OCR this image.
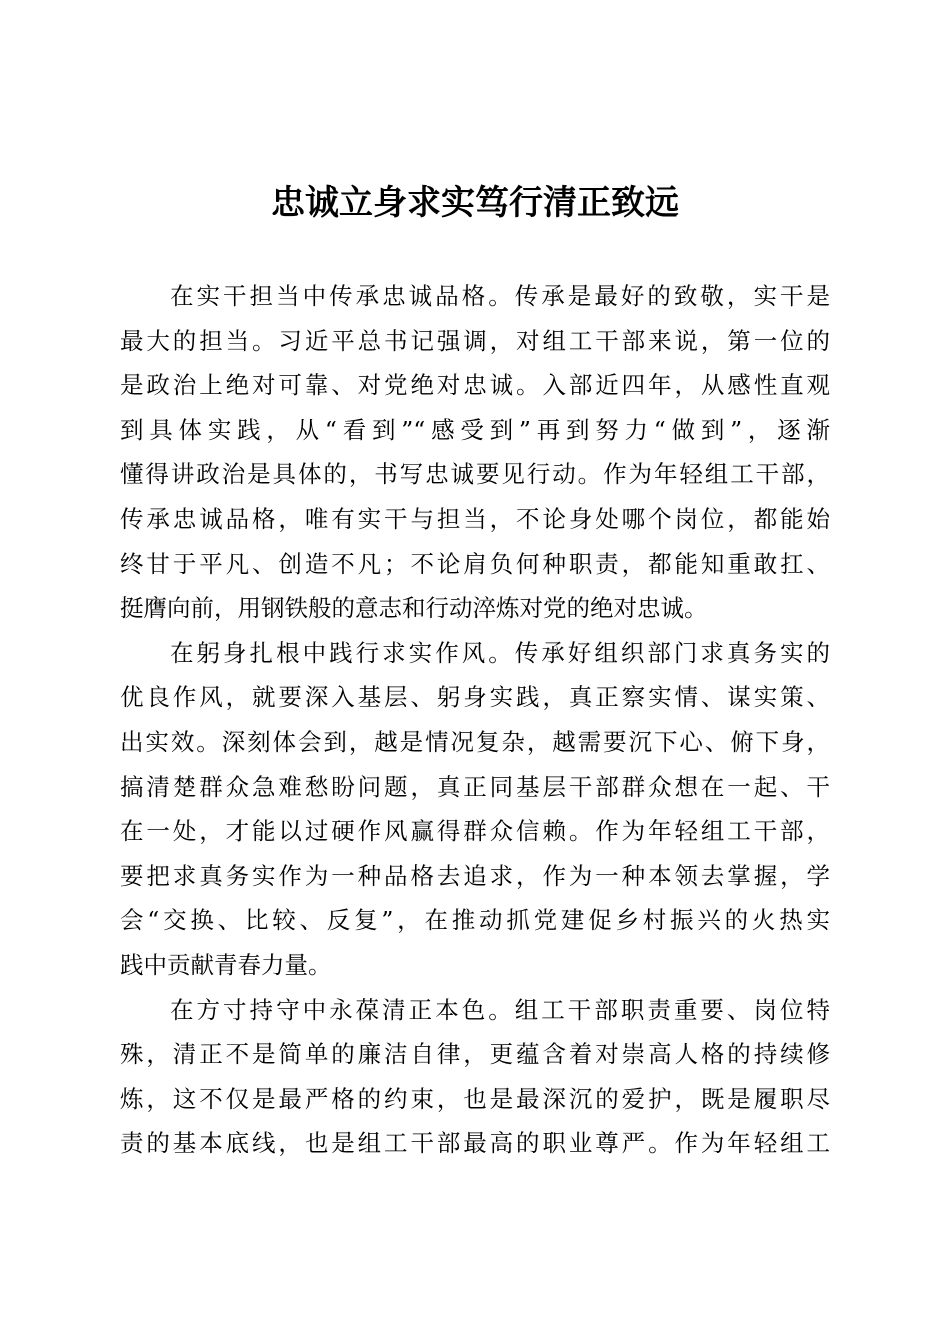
忠诚立身求实笃行清正致远
在实干担当中传承忠诚品格。传承是最好的致敬，实干是
最大的担当。习近平总书记强调，对组工干部来说，第一位的
是政治上绝对可靠、对党绝对忠诚。入部近四年，从感性直观
到具体实践，从“看到”“感受到”再到努力“做到”，逐渐
懂得讲政治是具体的，书写忠诚要见行动。作为年轻组工干部，
传承忠诚品格，唯有实干与担当，不论身处哪个岗位，都能始
终甘于平凡、创造不凡；不论肩负何种职责，都能知重敢扛、
挺膺向前，用钢铁般的意志和行动淬炼对党的绝对忠诚。
在躬身扎根中践行求实作风。传承好组织部门求真务实的
优良作风，就要深入基层、躬身实践，真正察实情、谋实策、
出实效。深刻体会到，越是情况复杂，越需要沉下心、俯下身，
搞清楚群众急难愁盼问题，真正同基层干部群众想在一起、干
在一处，才能以过硬作风赢得群众信赖。作为年轻组工干部，
要把求真务实作为一种品格去追求，作为一种本领去掌握，学
会“交换、比较、反复”，在推动抓党建促乡村振兴的火热实
践中贡献青春力量。
在方寸持守中永葆清正本色。组工干部职责重要、岗位特
殊，清正不是简单的廉洁自律，更蕴含着对崇高人格的持续修
炼，这不仅是最严格的约束，也是最深沉的爱护，既是履职尽
责的基本底线，也是组工干部最高的职业尊严。作为年轻组工
